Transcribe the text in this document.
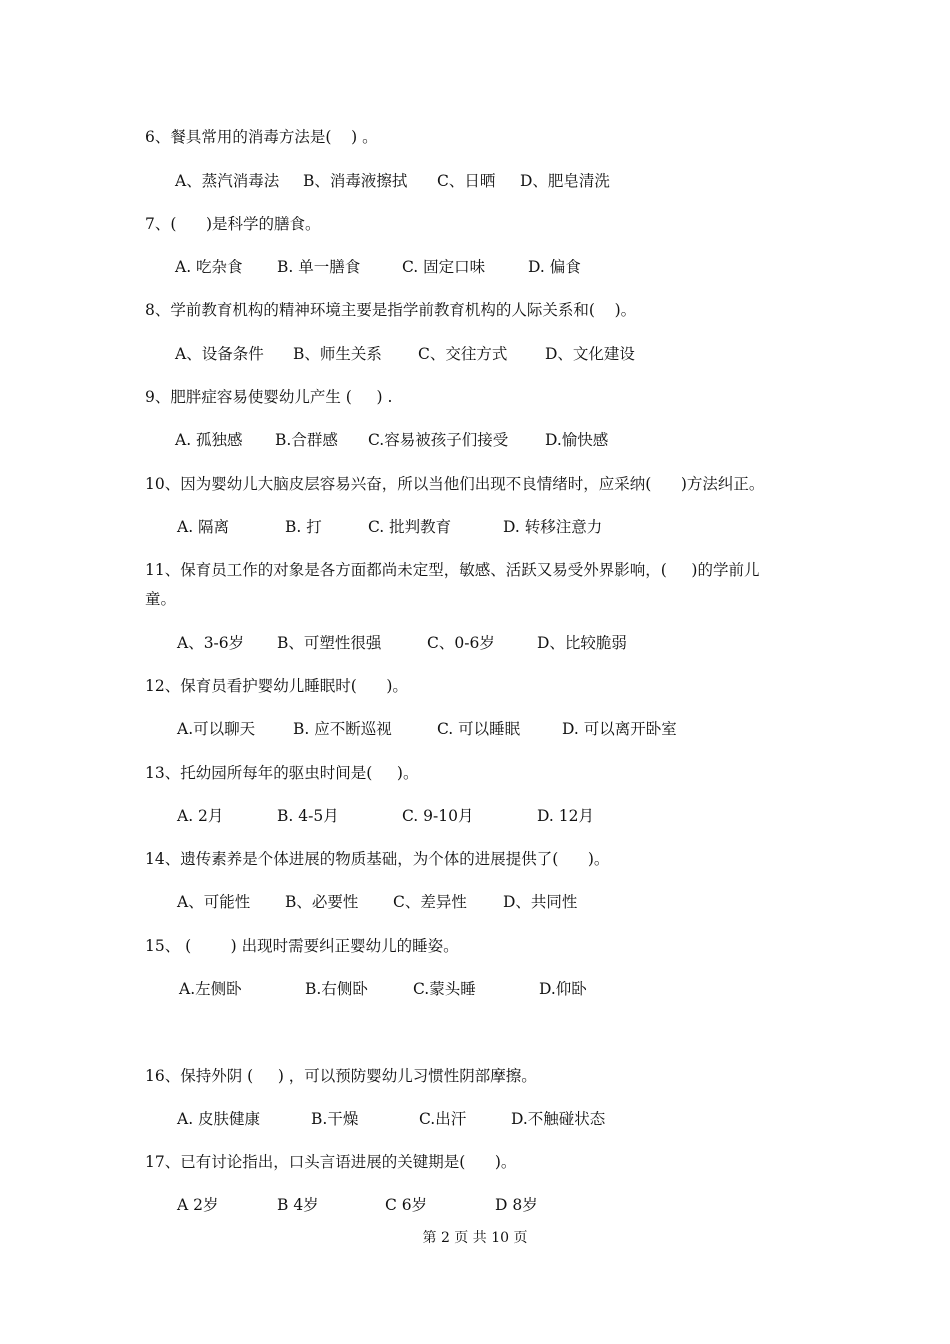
6、餐具常用的消毒方法是(    ) 。

A、蒸汽消毒法

B、消毒液擦拭

C、日晒

D、肥皂清洗

7、(      )是科学的膳食。

A. 吃杂食

B. 单一膳食

	C. 固定口味

	D. 偏食

8、学前教育机构的精神环境主要是指学前教育机构的人际关系和(    )。

A、设备条件

B、师生关系

C、交往方式

D、文化建设

9、肥胖症容易使婴幼儿产生 (     ) .

A. 孤独感

B.合群感

C.容易被孩子们接受

D.愉快感

10、因为婴幼儿大脑皮层容易兴奋，所以当他们出现不良情绪时，应采纳(      )方法纠正。

A. 隔离

	B. 打

	C. 批判教育

	D. 转移注意力

11、保育员工作的对象是各方面都尚未定型，敏感、活跃又易受外界影响，(     )的学前儿
童。

A、3-6岁

B、可塑性很强

	C、0-6岁

	D、比较脆弱

12、保育员看护婴幼儿睡眠时(      )。

A.可以聊天

B. 应不断巡视

	C. 可以睡眠

	D. 可以离开卧室

13、托幼园所每年的驱虫时间是(     )。

A. 2月

	B. 4-5月

	C. 9-10月

	D. 12月

14、遗传素养是个体进展的物质基础，为个体的进展提供了(      )。

A、可能性

B、必要性

C、差异性

D、共同性

15、 (        ) 出现时需要纠正婴幼儿的睡姿。

A.左侧卧

	B.右侧卧

	C.蒙头睡

	D.仰卧

16、保持外阴 (     ) ，可以预防婴幼儿习惯性阴部摩擦。

A. 皮肤健康

	B.干燥

	C.出汗

	D.不触碰状态

17、已有讨论指出，口头言语进展的关键期是(      )。

A 2岁

	B 4岁

	C 6岁

	D 8岁

第 2 页 共 10 页
